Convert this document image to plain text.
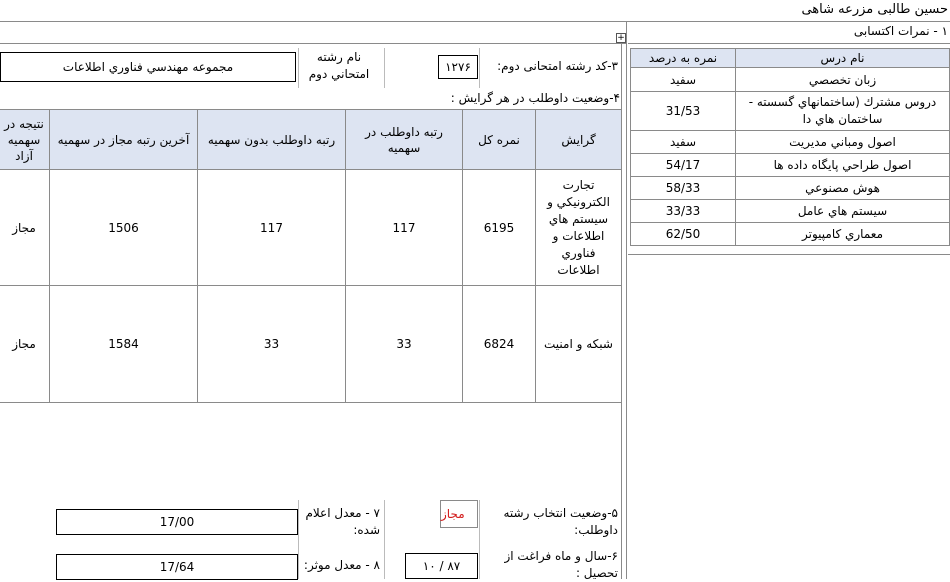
حسین طالبی مزرعه شاهی
+	۱ - نمرات اکتسابی
نمره به درصد	نام درس
سفيد	زبان تخصصي
31/53	دروس مشترك (ساختمانهاي گسسته - ساختمان هاي دا
سفيد	اصول ومباني مديريت
54/17	اصول طراحي پايگاه داده ها
58/33	هوش مصنوعي
33/33	سيستم هاي عامل
62/50	معماري كامپيوتر
۳-کد رشته امتحانی دوم:
۱۲۷۶
نام رشته امتحاني دوم
مجموعه مهندسي فناوري اطلاعات
۴-وضعیت داوطلب در هر گرایش :
نتيجه در سهميه آزاد	آخرين رتبه مجاز در سهميه	رتبه داوطلب بدون سهميه	رتبه داوطلب در سهميه	نمره كل	گرايش
مجاز	1506	117	117	6195	تجارت الكترونيكي و سيستم هاي اطلاعات و فناوري اطلاعات
مجاز	1584	33	33	6824	شبكه و امنيت
۵-وضعیت انتخاب رشته داوطلب:
مجاز
۷ - معدل اعلام شده:
17/00
۶-سال و ماه فراغت از تحصیل :
۸۷ / ۱۰
۸ - معدل موثر:
17/64
